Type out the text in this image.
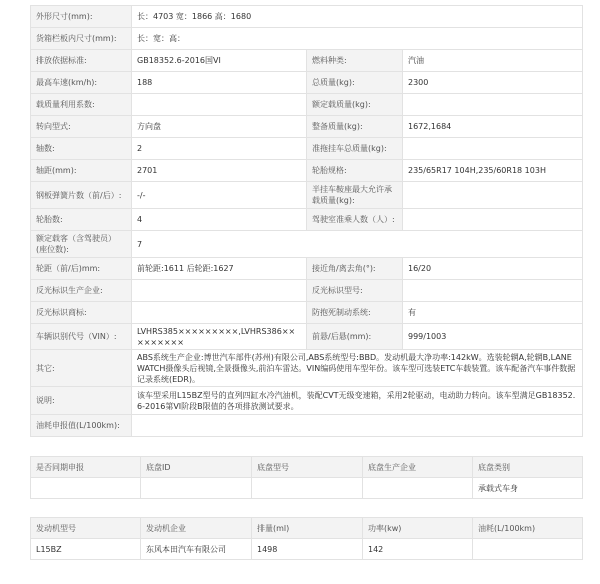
外形尺寸(mm):	长：4703 宽：1866 高：1680		
货箱栏板内尺寸(mm):	长：宽：高：		
排放依据标准:	GB18352.6-2016国VI	燃料种类:	汽油
最高车速(km/h):	188	总质量(kg):	2300
载质量利用系数:		额定载质量(kg):	
转向型式:	方向盘	整备质量(kg):	1672,1684
轴数:	2	准拖挂车总质量(kg):	
轴距(mm):	2701	轮胎规格:	235/65R17 104H,235/60R18 103H
钢板弹簧片数（前/后）:	-/-	半挂车鞍座最大允许承载质量(kg):	
轮胎数:	4	驾驶室准乘人数（人）:	
额定载客（含驾驶员）(座位数):	7		
轮距（前/后)mm:	前轮距:1611 后轮距:1627	接近角/离去角(°):	16/20
反光标识生产企业:		反光标识型号:	
反光标识商标:		防抱死制动系统:	有
车辆识别代号（VIN）:	LVHRS385×××××××××,LVHRS386×××××××××	前悬/后悬(mm):	999/1003
其它:	ABS系统生产企业:博世汽车部件(苏州)有限公司,ABS系统型号:BBD。发动机最大净功率:142kW。选装轮辋A,轮辋B,LANEWATCH摄像头后视镜,全景摄像头,前泊车雷达。VIN编码使用车型年份。该车型可选装ETC车载装置。该车配备汽车事件数据记录系统(EDR)。		
说明:	该车型采用L15BZ型号的直列四缸水冷汽油机，装配CVT无级变速箱，采用2轮驱动，电动助力转向。该车型满足GB18352.6-2016第VI阶段B限值的各项排放测试要求。		
油耗申报值(L/100km):			
是否同期申报	底盘ID	底盘型号	底盘生产企业	底盘类别
				承载式车身
发动机型号	发动机企业	排量(ml)	功率(kw)	油耗(L/100km)
L15BZ	东风本田汽车有限公司	1498	142	
